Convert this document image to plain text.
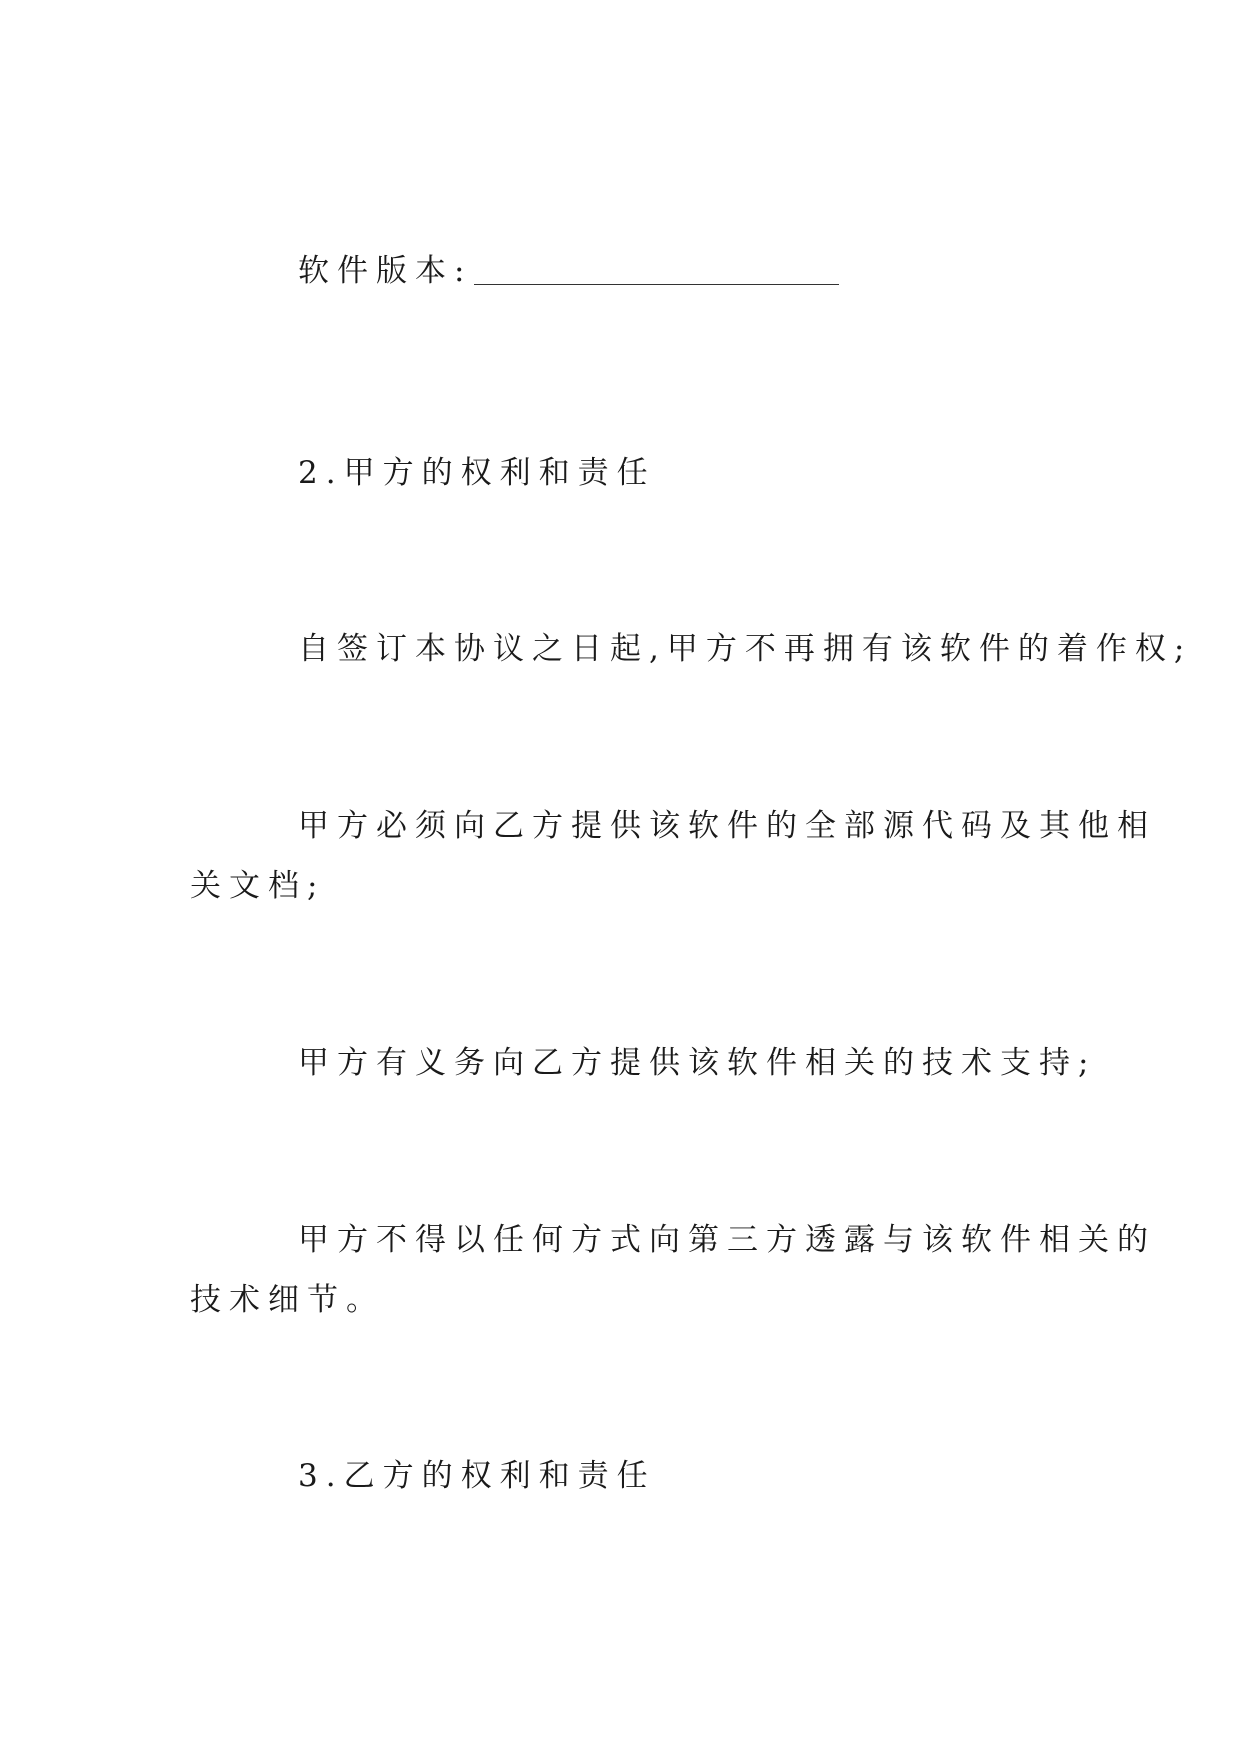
软件版本:
2.甲方的权利和责任
自签订本协议之日起,甲方不再拥有该软件的着作权;
甲方必须向乙方提供该软件的全部源代码及其他相
关文档;
甲方有义务向乙方提供该软件相关的技术支持;
甲方不得以任何方式向第三方透露与该软件相关的
技术细节。
3.乙方的权利和责任
